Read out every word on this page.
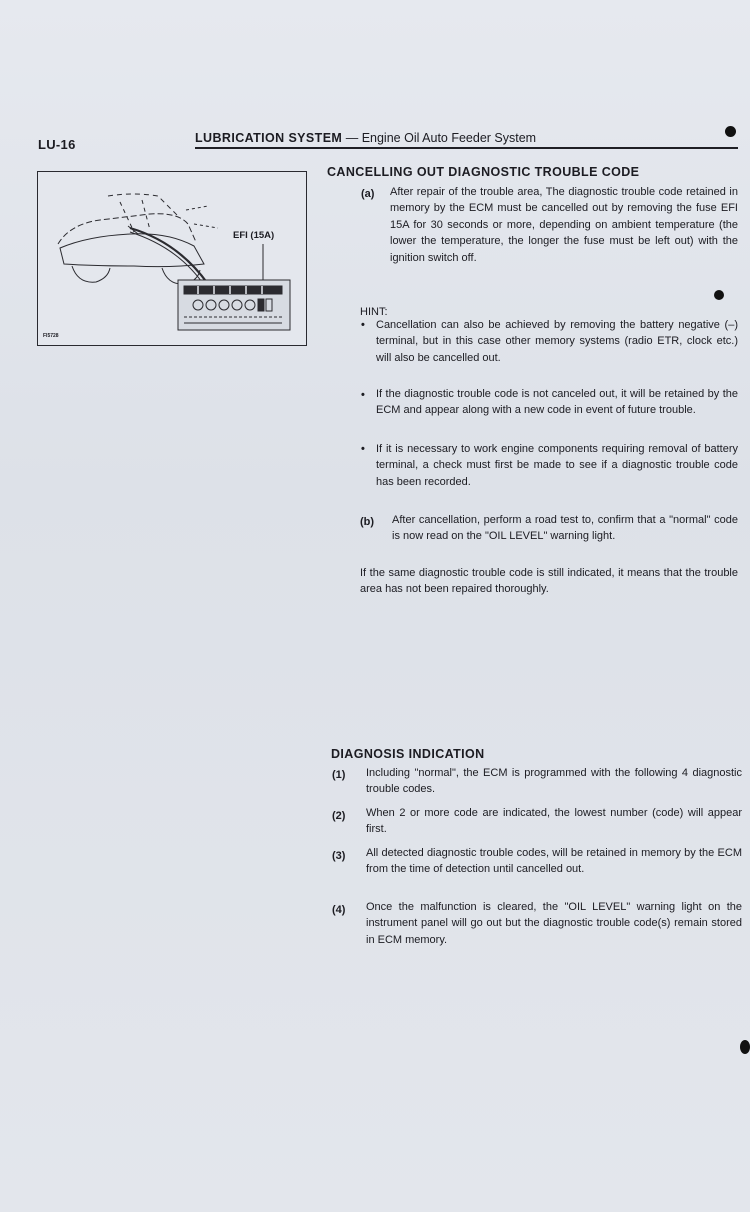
LU-16	LUBRICATION SYSTEM — Engine Oil Auto Feeder System
EFI (15A)
FI5728
CANCELLING OUT DIAGNOSTIC TROUBLE CODE
(a) After repair of the trouble area, The diagnostic trouble code retained in memory by the ECM must be cancelled out by removing the fuse EFI 15A for 30 seconds or more, depending on ambient temperature (the lower the temperature, the longer the fuse must be left out) with the ignition switch off.
HINT:
• Cancellation can also be achieved by removing the battery negative (–) terminal, but in this case other memory systems (radio ETR, clock etc.) will also be cancelled out.
• If the diagnostic trouble code is not canceled out, it will be retained by the ECM and appear along with a new code in event of future trouble.
• If it is necessary to work engine components requiring removal of battery terminal, a check must first be made to see if a diagnostic trouble code has been recorded.
(b) After cancellation, perform a road test to, confirm that a "normal" code is now read on the "OIL LEVEL" warning light.
If the same diagnostic trouble code is still indicated, it means that the trouble area has not been repaired thoroughly.
DIAGNOSIS INDICATION
(1) Including "normal", the ECM is programmed with the following 4 diagnostic trouble codes.
(2) When 2 or more code are indicated, the lowest number (code) will appear first.
(3) All detected diagnostic trouble codes, will be retained in memory by the ECM from the time of detection until cancelled out.
(4) Once the malfunction is cleared, the "OIL LEVEL" warning light on the instrument panel will go out but the diagnostic trouble code(s) remain stored in ECM memory.
